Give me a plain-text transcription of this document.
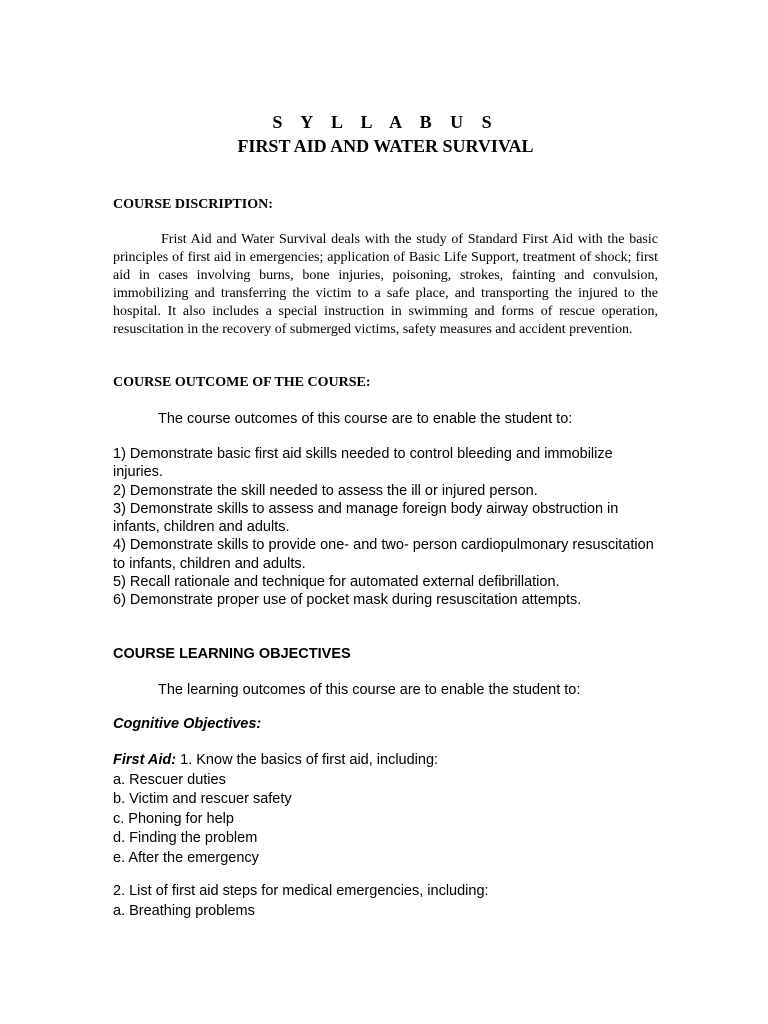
S Y L L A B U S
FIRST AID AND WATER SURVIVAL
COURSE DISCRIPTION:
Frist Aid and Water Survival deals with the study of Standard First Aid with the basic principles of first aid in emergencies; application of Basic Life Support, treatment of shock; first aid in cases involving burns, bone injuries, poisoning, strokes, fainting and convulsion, immobilizing and transferring the victim to a safe place, and transporting the injured to the hospital. It also includes a special instruction in swimming and forms of rescue operation, resuscitation in the recovery of submerged victims, safety measures and accident prevention.
COURSE OUTCOME OF THE COURSE:
The course outcomes of this course are to enable the student to:
1) Demonstrate basic first aid skills needed to control bleeding and immobilize injuries.
2) Demonstrate the skill needed to assess the ill or injured person.
3) Demonstrate skills to assess and manage foreign body airway obstruction in infants, children and adults.
4) Demonstrate skills to provide one- and two- person cardiopulmonary resuscitation to infants, children and adults.
5) Recall rationale and technique for automated external defibrillation.
6) Demonstrate proper use of pocket mask during resuscitation attempts.
COURSE LEARNING OBJECTIVES
The learning outcomes of this course are to enable the student to:
Cognitive Objectives:
First Aid: 1. Know the basics of first aid, including:
a. Rescuer duties
b. Victim and rescuer safety
c. Phoning for help
d. Finding the problem
e. After the emergency
2. List of first aid steps for medical emergencies, including:
a. Breathing problems
